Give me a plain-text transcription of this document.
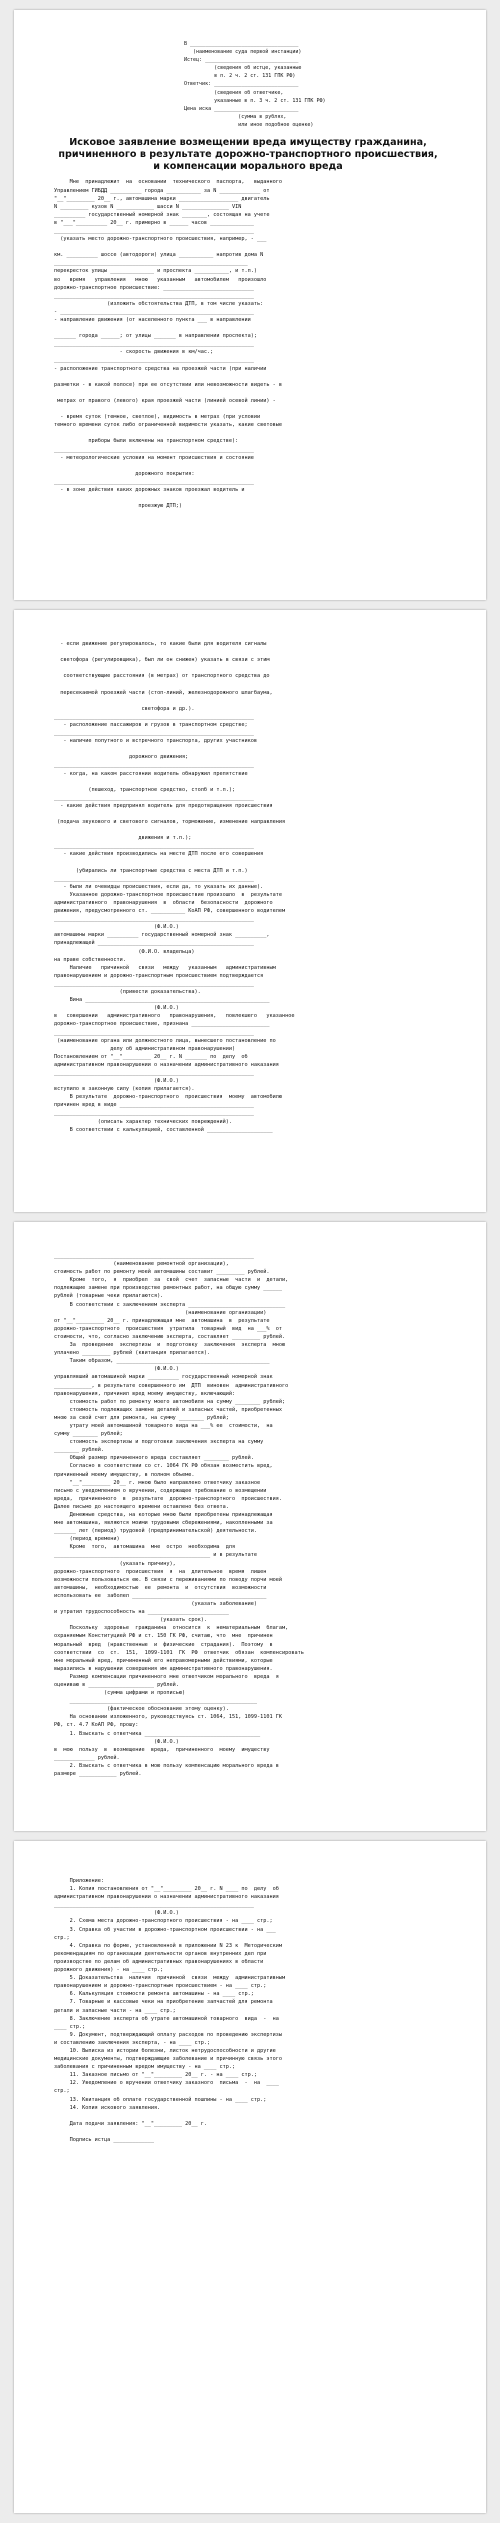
В ____________________________________
(наименование суда первой инстанции)
Истец: _______________________________
(сведения об истце, указанные
в п. 2 ч. 2 ст. 131 ГПК РФ)
Ответчик: ____________________________
(сведения об ответчике,
указанные в п. 3 ч. 2 ст. 131 ГПК РФ)
Цена иска ____________________________
(сумма в рублях,
или иное подобное оценке)
Исковое заявление возмещении вреда имуществу гражданина, причиненного в результате дорожно-транспортного происшествия, и компенсации морального вреда
Мне  принадлежит  на  основании  технического  паспорта,   выданного
Управлением ГИБДД __________ города ___________ за N _____________ от
"__"_________ 20__ г., автомашина марки ___________________ двигатель
N _________ кузов N ____________ шасси N _______________ VIN
__________ государственный номерной знак ________, состоящая на учете
в "___"__________ 20__ г. примерно в ______ часов ______________
________________________________________________________________
(указать место дорожно-транспортного происшествия, например, - ___

км. __________ шоссе (автодороги) улица ___________ напротив дома N
______________________________________________________________
перекресток улицы ______________ и проспекта ___________, и т.п.)
во   время   управления   мною   указанным   автомобилем   произошло
дорожно-транспортное происшествие: _____________________________
________________________________________________________________
(изложить обстоятельства ДТП, в том числе указать:
- ______________________________________________________________
- направление движения (от населенного пункта ___ в направлении

_______ города ______; от улицы _______ в направлении проспекта);
________________________________________________________________
- скорость движения в км/час.;
________________________________________________________________
- расположение транспортного средства на проезжей части (при наличии

разметки - в какой полосе) при ее отсутствии или невозможности видеть - в

метрах от правого (левого) края проезжей части (линией осевой линии) -

- время суток (темное, светлое), видимость в метрах (при условии
темного времени суток либо ограниченной видимости указать, какие световые

приборы были включены на транспортном средстве):
________________________________________________________________
- метеорологические условия на момент происшествия и состояние

дорожного покрытия:
________________________________________________________________
- в зоне действия каких дорожных знаков проезжал водитель и

проезжую ДТП;)
- если движение регулировалось, то какие были для водителя сигналы

светофора (регулировщика), был ли он снижен) указать в связи с этим

соответствующие расстояния (в метрах) от транспортного средства до

пересекаемой проезжей части (стоп-линий, железнодорожного шлагбаума,

светофора и др.).
________________________________________________________________
- расположение пассажиров и грузов в транспортном средстве;
________________________________________________________________
- наличие попутного и встречного транспорта, других участников

дорожного движения;
________________________________________________________________
- когда, на каком расстоянии водитель обнаружил препятствие

(пешеход, транспортное средство, столб и т.п.);
________________________________________________________________
- какие действия предпринял водитель для предотвращения происшествия

(подача звукового и светового сигналов, торможение, изменение направления

движения и т.п.);
________________________________________________________________
- какие действия производились на месте ДТП после его совершения

(убирались ли транспортные средства с места ДТП и т.п.)
________________________________________________________________
- были ли очевидцы происшествия, если да, то указать их данные).
Указанное дорожно-транспортное происшествие произошло  в  результате
административного  правонарушения  в  области  безопасности  дорожного
движения, предусмотренного ст. ___________ КоАП РФ, совершенного водителем
________________________________________________________________
(Ф.И.О.)
автомашины марки __________ государственный номерной знак __________,
принадлежащей __________________________________________________
(Ф.И.О. владельца)
на праве собственности.
Наличие   причинной   связи   между   указанным   административным
правонарушением и дорожно-транспортным происшествием подтверждается
________________________________________________________________
(привести доказательства).
Вина ___________________________________________________________
(Ф.И.О.)
в   совершении   административного   правонарушения,   повлекшего   указанное
дорожно-транспортное происшествие, признана _________________________
________________________________________________________________
(наименование органа или должностного лица, вынесшего постановление по
делу об административном правонарушении)
Постановлением от "__"_________ 20__ г. N _______ по  делу  об
административном правонарушении о назначении административного наказания
________________________________________________________________
(Ф.И.О.)
вступило в законную силу (копия прилагается).
В результате  дорожно-транспортного  происшествия  моему  автомобилю
причинен вред в виде ___________________________________________
________________________________________________________________
(описать характер технических повреждений).
В соответствии с калькуляцией, составленной _____________________
________________________________________________________________
(наименование ремонтной организации),
стоимость работ по ремонту моей автомашины составит _________ рублей.
Кроме  того,  я  приобрел  за  свой  счет  запасные  части  и  детали,
подлежащие замене при производстве ремонтных работ, на общую сумму ______
рублей (товарные чеки прилагаются).
В соответствии с заключением эксперта _______________________________
(наименование организации)
от "__"_________ 20__ г. принадлежащая мне  автомашина  в  результате
дорожно-транспортного  происшествия  утратила  товарный  вид  на ___%  от
стоимости, что, согласно заключению эксперта, составляет _________ рублей.
За  проведение  экспертизы  и  подготовку  заключения  эксперта  мною
уплачено _________ рублей (квитанция прилагается).
Таким образом, _________________________________________________
(Ф.И.О.)
управлявший автомашиной марки __________ государственный номерной знак
____________, в результате совершенного им  ДТП  виновен  административного
правонарушения, причинил вред моему имуществу, включающий:
стоимость работ по ремонту моего автомобиля на сумму ________ рублей;
стоимость подлежащих замене деталей и запасных частей, приобретенных
мною за свой счет для ремонта, на сумму ________ рублей;
утрату моей автомашиной товарного вида на ___% ее  стоимости,  на
сумму ________ рублей;
стоимость экспертизы и подготовки заключения эксперта на сумму
________ рублей.
Общий размер причиненного вреда составляет ________ рублей.
Согласно в соответствии со ст. 1064 ГК РФ обязан возместить вред,
причиненный моему имуществу, в полном объеме.
"__"_________ 20__ г. мною было направлено ответчику заказное
письмо с уведомлением о вручении, содержащее требование о возмещении
вреда,  причиненного  в  результате  дорожно-транспортного  происшествия.
Далее письмо до настоящего времени оставлено без ответа.
Денежные средства, на которые мною были приобретены принадлежащая
мне автомашина, являются моими трудовыми сбережениями, накопленными за
_______ лет (период) трудовой (предпринимательской) деятельности.
(период времени)
Кроме  того,  автомашина  мне  остро  необходима  для
__________________________________________________ и в результате
(указать причину),
дорожно-транспортного  происшествия  я  на  длительное  время  лишен
возможности пользоваться ею. В связи с переживаниями по поводу порчи моей
автомашины,  необходимостью  ее  ремонта  и  отсутствия  возможности
использовать ее  заболел ___________________________________________
(указать заболевание)
и утратил трудоспособность на __________________________
(указать срок).
Поскольку  здоровье  гражданина  относится  к  нематериальным  благам,
охраняемым Конституцией РФ и ст. 150 ГК РФ, считаю, что  мне  причинен
моральный  вред  (нравственные  и  физические  страдания).  Поэтому  в
соответствии  со  ст.  151,  1099-1101  ГК  РФ  ответчик  обязан  компенсировать
мне моральный вред, причиненный его неправомерными действиями, которые
выразились в нарушении совершения им административного правонарушения.
Размер компенсации причиненного мне ответчиком морального  вреда  я
оцениваю в _____________________ рублей.
(сумма цифрами и прописью)
____________________________________________________________
(фактическое обоснование этому оценку).
На основании изложенного, руководствуясь ст. 1064, 151, 1099-1101 ГК
РФ, ст. 4.7 КоАП РФ, прошу:
1. Взыскать с ответчика _____________________________________
(Ф.И.О.)
в  мою  пользу  в  возмещение  вреда,  причиненного  моему  имуществу
_____________ рублей.
2. Взыскать с ответчика в мою пользу компенсацию морального вреда в
размере ____________ рублей.
Приложение:
1. Копия постановления от "__"_________ 20__ г. N ____ по  делу  об
административном правонарушении о назначении административного наказания
________________________________________________________________
(Ф.И.О.)
2. Схема места дорожно-транспортного происшествия - на ____ стр.;
3. Справка об участии в дорожно-транспортном происшествии - на ___
стр.;
4. Справка по форме, установленной в приложении N 23 к  Методическим
рекомендациям по организации деятельности органов внутренних дел при
производстве по делам об административных правонарушениях в области
дорожного движения) - на ____ стр.;
5. Доказательства  наличия  причинной  связи  между  административным
правонарушением и дорожно-транспортным происшествием - на ____ стр.;
6. Калькуляция стоимости ремонта автомашины - на ____ стр.;
7. Товарные и кассовые чеки на приобретение запчастей для ремонта
детали и запасные части - на ____ стр.;
8. Заключение эксперта об утрате автомашиной товарного  вида  -  на
____ стр.;
9. Документ, подтверждающий оплату расходов по проведению экспертизы
и составлению заключения эксперта, - на ____ стр.;
10. Выписка из истории болезни, листок нетрудоспособности и другие
медицинские документы, подтверждающие заболевание и причинную связь этого
заболевания с причиненным вредом имуществу - на ____ стр.;
11. Заказное письмо от "__"_________ 20__ г. - на ____ стр.;
12. Уведомление о вручении ответчику заказного  письма  -  на  ____
стр.;
13. Квитанция об оплате государственной пошлины - на ____ стр.;
14. Копия искового заявления.

Дата подачи заявления: "__"_________ 20__ г.

Подпись истца _____________
